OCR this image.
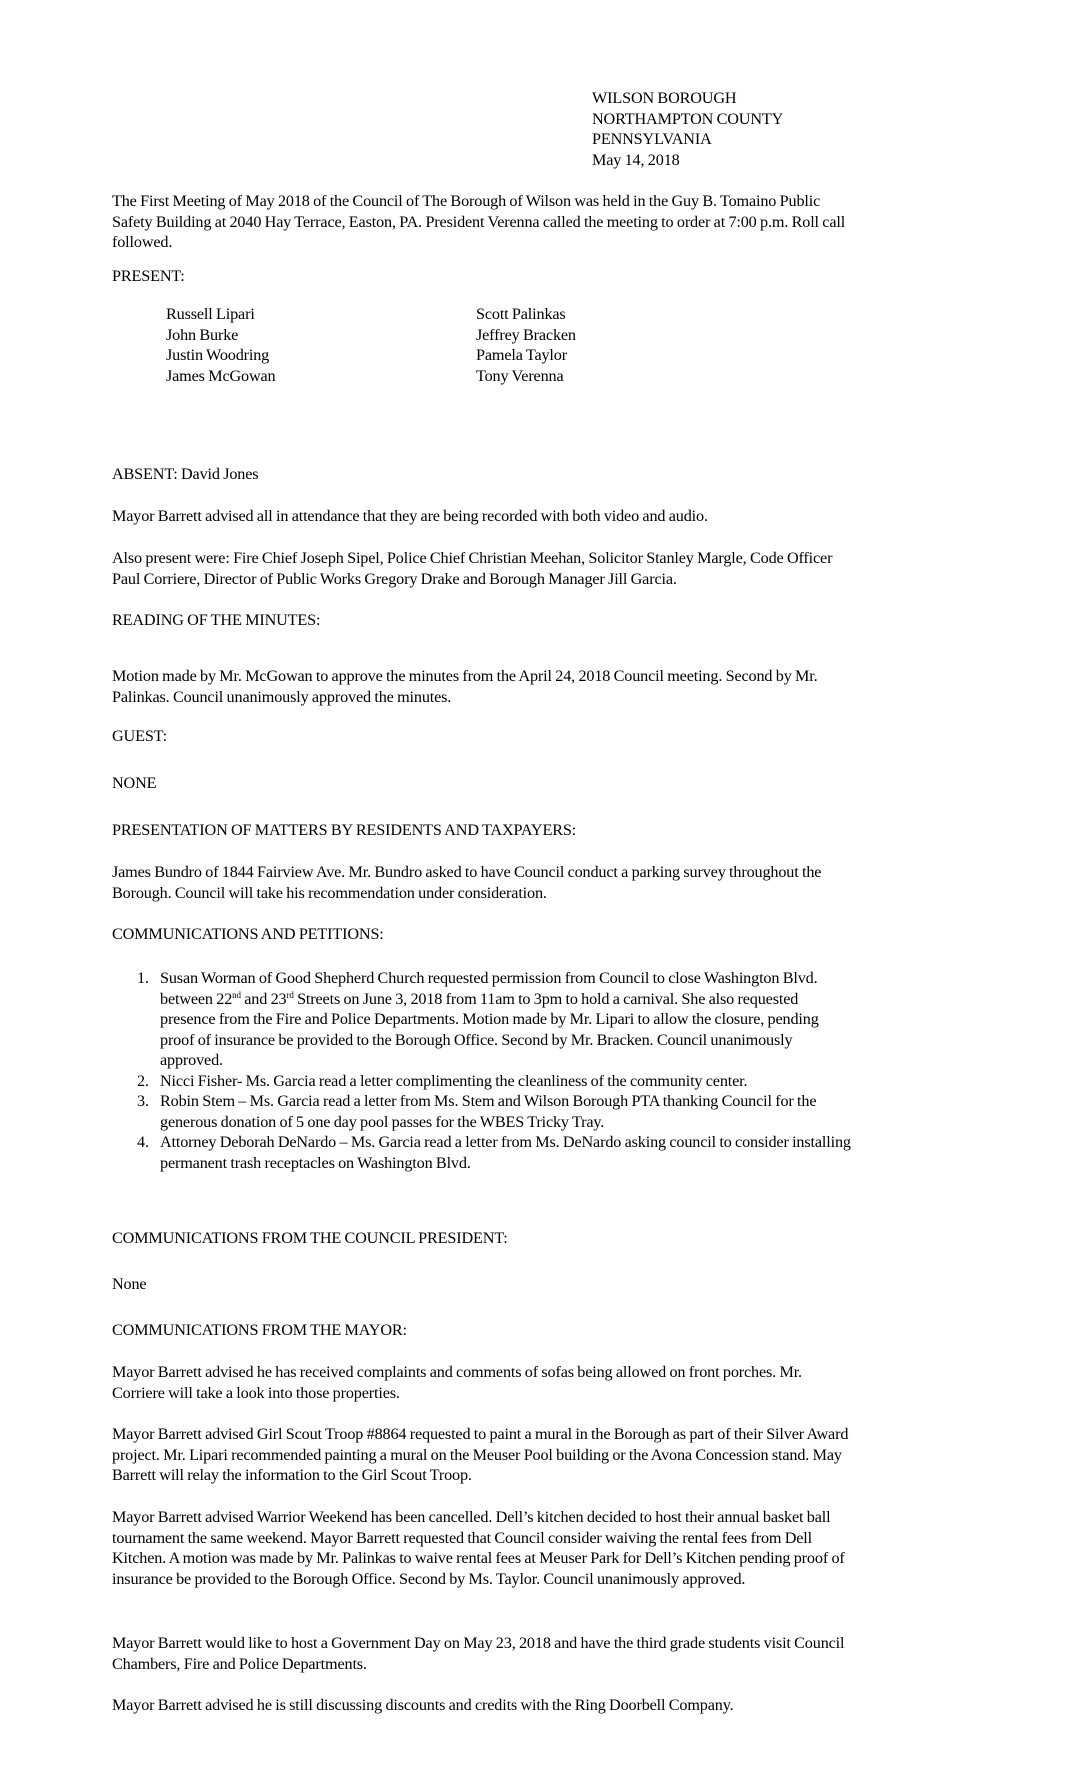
WILSON BOROUGH
NORTHAMPTON COUNTY
PENNSYLVANIA
May 14, 2018
The First Meeting of May 2018 of the Council of The Borough of Wilson was held in the Guy B. Tomaino Public Safety Building at 2040 Hay Terrace, Easton, PA. President Verenna called the meeting to order at 7:00 p.m. Roll call followed.
PRESENT:
Russell Lipari
John Burke
Justin Woodring
James McGowan
Scott Palinkas
Jeffrey Bracken
Pamela Taylor
Tony Verenna
ABSENT: David Jones
Mayor Barrett advised all in attendance that they are being recorded with both video and audio.
Also present were: Fire Chief Joseph Sipel, Police Chief Christian Meehan, Solicitor Stanley Margle, Code Officer Paul Corriere, Director of Public Works Gregory Drake and Borough Manager Jill Garcia.
READING OF THE MINUTES:
Motion made by Mr. McGowan to approve the minutes from the April 24, 2018 Council meeting. Second by Mr. Palinkas. Council unanimously approved the minutes.
GUEST:
NONE
PRESENTATION OF MATTERS BY RESIDENTS AND TAXPAYERS:
James Bundro of 1844 Fairview Ave. Mr. Bundro asked to have Council conduct a parking survey throughout the Borough. Council will take his recommendation under consideration.
COMMUNICATIONS AND PETITIONS:
1. Susan Worman of Good Shepherd Church requested permission from Council to close Washington Blvd. between 22nd and 23rd Streets on June 3, 2018 from 11am to 3pm to hold a carnival. She also requested presence from the Fire and Police Departments. Motion made by Mr. Lipari to allow the closure, pending proof of insurance be provided to the Borough Office. Second by Mr. Bracken. Council unanimously approved.
2. Nicci Fisher- Ms. Garcia read a letter complimenting the cleanliness of the community center.
3. Robin Stem – Ms. Garcia read a letter from Ms. Stem and Wilson Borough PTA thanking Council for the generous donation of 5 one day pool passes for the WBES Tricky Tray.
4. Attorney Deborah DeNardo – Ms. Garcia read a letter from Ms. DeNardo asking council to consider installing permanent trash receptacles on Washington Blvd.
COMMUNICATIONS FROM THE COUNCIL PRESIDENT:
None
COMMUNICATIONS FROM THE MAYOR:
Mayor Barrett advised he has received complaints and comments of sofas being allowed on front porches. Mr. Corriere will take a look into those properties.
Mayor Barrett advised Girl Scout Troop #8864 requested to paint a mural in the Borough as part of their Silver Award project. Mr. Lipari recommended painting a mural on the Meuser Pool building or the Avona Concession stand. May Barrett will relay the information to the Girl Scout Troop.
Mayor Barrett advised Warrior Weekend has been cancelled. Dell’s kitchen decided to host their annual basket ball tournament the same weekend. Mayor Barrett requested that Council consider waiving the rental fees from Dell Kitchen. A motion was made by Mr. Palinkas to waive rental fees at Meuser Park for Dell’s Kitchen pending proof of insurance be provided to the Borough Office. Second by Ms. Taylor. Council unanimously approved.
Mayor Barrett would like to host a Government Day on May 23, 2018 and have the third grade students visit Council Chambers, Fire and Police Departments.
Mayor Barrett advised he is still discussing discounts and credits with the Ring Doorbell Company.
